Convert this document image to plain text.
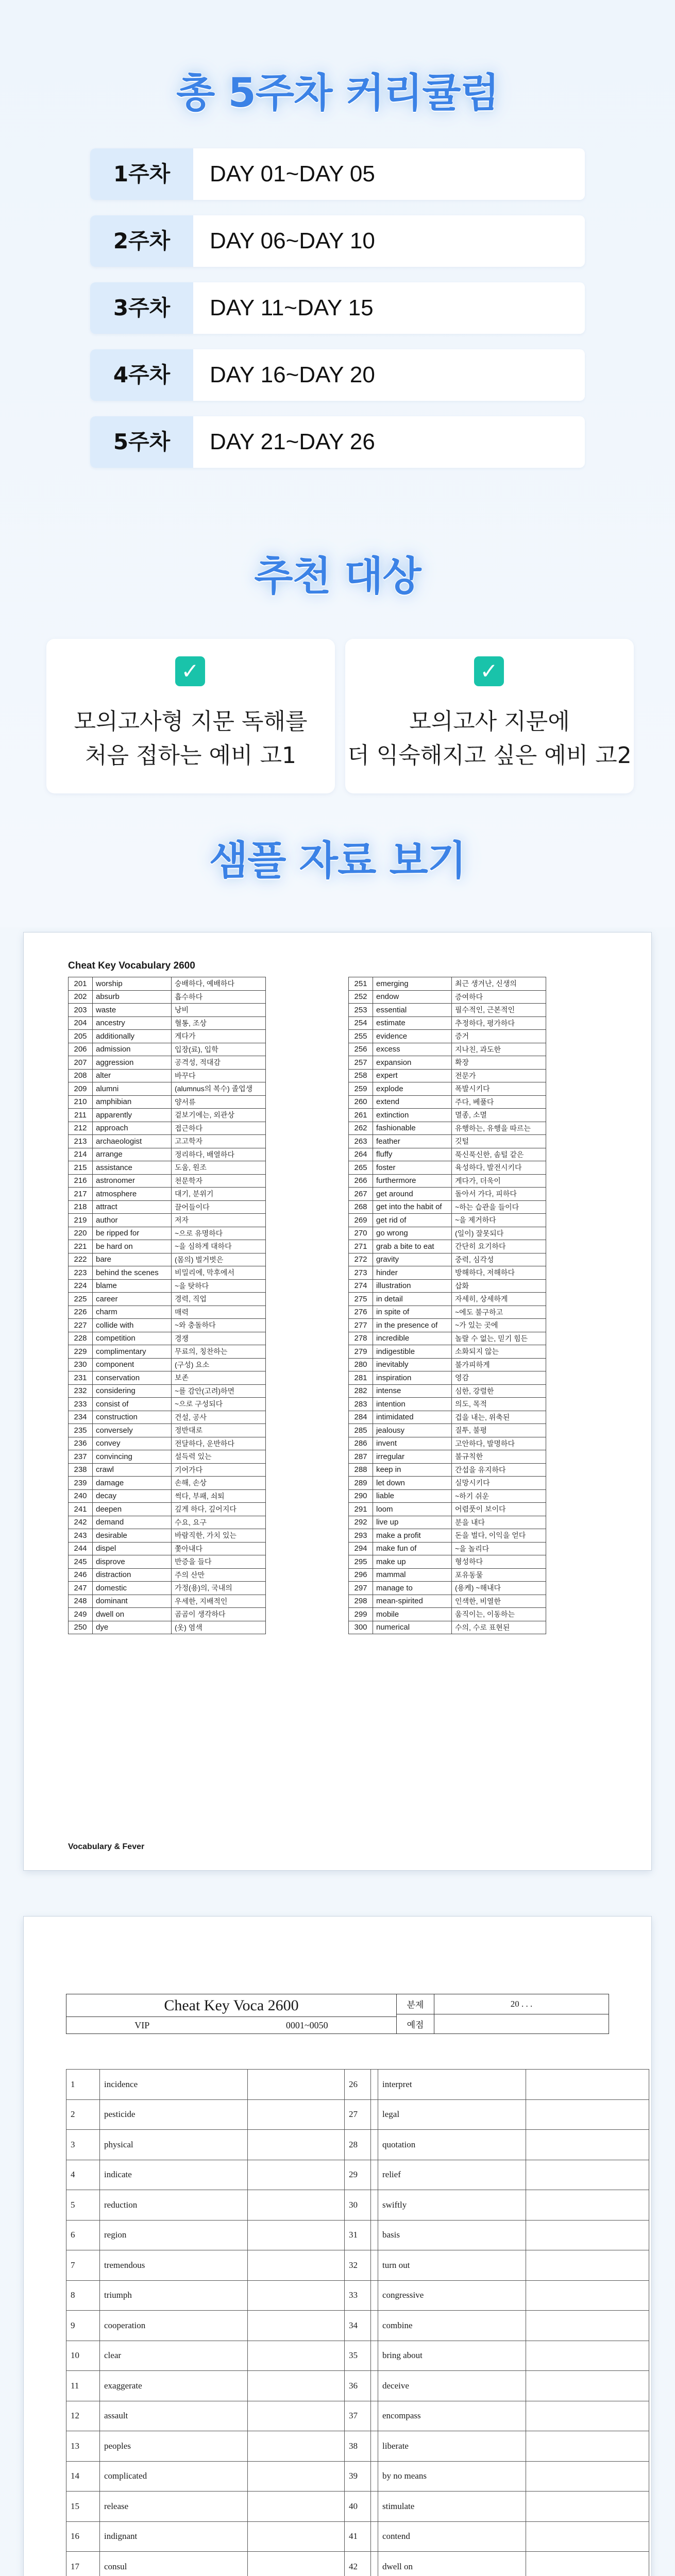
총 5주차 커리큘럼
1주차	DAY 01~DAY 05
2주차	DAY 06~DAY 10
3주차	DAY 11~DAY 15
4주차	DAY 16~DAY 20
5주차	DAY 21~DAY 26
추천 대상
✓
모의고사형 지문 독해를
처음 접하는 예비 고1
✓
모의고사 지문에
더 익숙해지고 싶은 예비 고2
샘플 자료 보기
Cheat Key Vocabulary 2600
201	worship	숭배하다, 예배하다
202	absurb	흡수하다
203	waste	낭비
204	ancestry	혈통, 조상
205	additionally	게다가
206	admission	입장(료), 입학
207	aggression	공격성, 적대감
208	alter	바꾸다
209	alumni	(alumnus의 복수) 졸업생
210	amphibian	양서류
211	apparently	겉보기에는, 외관상
212	approach	접근하다
213	archaeologist	고고학자
214	arrange	정리하다, 배열하다
215	assistance	도움, 원조
216	astronomer	천문학자
217	atmosphere	대기, 분위기
218	attract	끌어들이다
219	author	저자
220	be ripped for	~으로 유명하다
221	be hard on	~을 심하게 대하다
222	bare	(몸의) 벌거벗은
223	behind the scenes	비밀리에, 막후에서
224	blame	~을 탓하다
225	career	경력, 직업
226	charm	매력
227	collide with	~와 충돌하다
228	competition	경쟁
229	complimentary	무료의, 칭찬하는
230	component	(구성) 요소
231	conservation	보존
232	considering	~를 감안(고려)하면
233	consist of	~으로 구성되다
234	construction	건설, 공사
235	conversely	정반대로
236	convey	전달하다, 운반하다
237	convincing	설득력 있는
238	crawl	기어가다
239	damage	손해, 손상
240	decay	썩다, 부패, 쇠퇴
241	deepen	깊게 하다, 깊어지다
242	demand	수요, 요구
243	desirable	바람직한, 가치 있는
244	dispel	쫓아내다
245	disprove	반증을 들다
246	distraction	주의 산만
247	domestic	가정(용)의, 국내의
248	dominant	우세한, 지배적인
249	dwell on	곰곰이 생각하다
250	dye	(옷) 염색
251	emerging	최근 생겨난, 신생의
252	endow	증여하다
253	essential	필수적인, 근본적인
254	estimate	추정하다, 평가하다
255	evidence	증거
256	excess	지나친, 과도한
257	expansion	확장
258	expert	전문가
259	explode	폭발시키다
260	extend	주다, 베풀다
261	extinction	멸종, 소멸
262	fashionable	유행하는, 유행을 따르는
263	feather	깃털
264	fluffy	푹신푹신한, 솜털 같은
265	foster	육성하다, 발전시키다
266	furthermore	게다가, 더욱이
267	get around	돌아서 가다, 피하다
268	get into the habit of	~하는 습관을 들이다
269	get rid of	~을 제거하다
270	go wrong	(일이) 잘못되다
271	grab a bite to eat	간단히 요기하다
272	gravity	중력, 심각성
273	hinder	방해하다, 저해하다
274	illustration	삽화
275	in detail	자세히, 상세하게
276	in spite of	~에도 불구하고
277	in the presence of	~가 있는 곳에
278	incredible	놀랄 수 없는, 믿기 힘든
279	indigestible	소화되지 않는
280	inevitably	불가피하게
281	inspiration	영감
282	intense	심한, 강렬한
283	intention	의도, 목적
284	intimidated	겁을 내는, 위축된
285	jealousy	질투, 불평
286	invent	고안하다, 발명하다
287	irregular	불규칙한
288	keep in	간섭을 유지하다
289	let down	실망시키다
290	liable	~하기 쉬운
291	loom	어렴풋이 보이다
292	live up	분을 내다
293	make a profit	돈을 벌다, 이익을 얻다
294	make fun of	~을 놀리다
295	make up	형성하다
296	mammal	포유동물
297	manage to	(용케) ~해내다
298	mean-spirited	인색한, 비열한
299	mobile	움직이는, 이동하는
300	numerical	수의, 수로 표현된
Vocabulary & Fever
Cheat Key Voca 2600
VIP 0001~0050	분제	20 . . .
	예점	
1	incidence	
2	pesticide	
3	physical	
4	indicate	
5	reduction	
6	region	
7	tremendous	
8	triumph	
9	cooperation	
10	clear	
11	exaggerate	
12	assault	
13	peoples	
14	complicated	
15	release	
16	indignant	
17	consul	

26	interpret	
27	legal	
28	quotation	
29	relief	
30	swiftly	
31	basis	
32	turn out	
33	congressive	
34	combine	
35	bring about	
36	deceive	
37	encompass	
38	liberate	
39	by no means	
40	stimulate	
41	contend	
42	dwell on	
